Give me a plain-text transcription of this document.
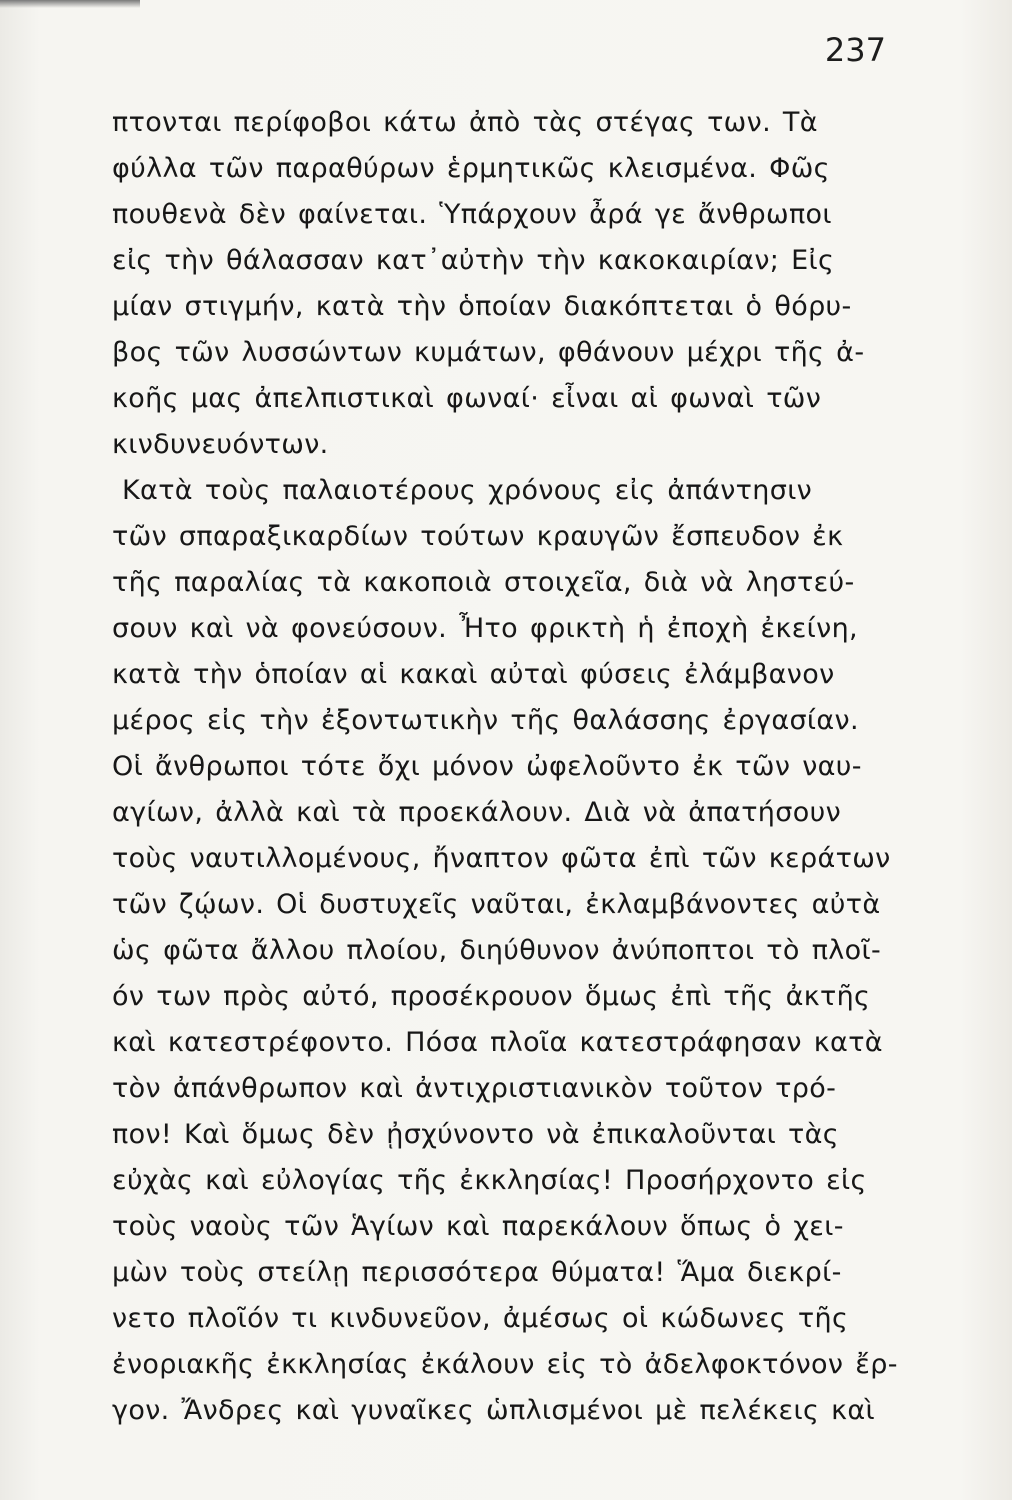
237
πτονται περίφοβοι κάτω ἀπὸ τὰς στέγας των. Τὰ
φύλλα τῶν παραθύρων ἑρμητικῶς κλεισμένα. Φῶς
πουθενὰ δὲν φαίνεται. Ὑπάρχουν ἆρά γε ἄνθρωποι
εἰς τὴν θάλασσαν κατ᾽αὐτὴν τὴν κακοκαιρίαν; Εἰς
μίαν στιγμήν, κατὰ τὴν ὁποίαν διακόπτεται ὁ θόρυ-
βος τῶν λυσσώντων κυμάτων, φθάνουν μέχρι τῆς ἀ-
κοῆς μας ἀπελπιστικαὶ φωναί· εἶναι αἱ φωναὶ τῶν
κινδυνευόντων.
Κατὰ τοὺς παλαιοτέρους χρόνους εἰς ἀπάντησιν
τῶν σπαραξικαρδίων τούτων κραυγῶν ἔσπευδον ἐκ
τῆς παραλίας τὰ κακοποιὰ στοιχεῖα, διὰ νὰ ληστεύ-
σουν καὶ νὰ φονεύσουν. Ἦτο φρικτὴ ἡ ἐποχὴ ἐκείνη,
κατὰ τὴν ὁποίαν αἱ κακαὶ αὐταὶ φύσεις ἐλάμβανον
μέρος εἰς τὴν ἐξοντωτικὴν τῆς θαλάσσης ἐργασίαν.
Οἱ ἄνθρωποι τότε ὄχι μόνον ὠφελοῦντο ἐκ τῶν ναυ-
αγίων, ἀλλὰ καὶ τὰ προεκάλουν. Διὰ νὰ ἀπατήσουν
τοὺς ναυτιλλομένους, ἤναπτον φῶτα ἐπὶ τῶν κεράτων
τῶν ζῴων. Οἱ δυστυχεῖς ναῦται, ἐκλαμβάνοντες αὐτὰ
ὡς φῶτα ἄλλου πλοίου, διηύθυνον ἀνύποπτοι τὸ πλοῖ-
όν των πρὸς αὐτό, προσέκρουον ὅμως ἐπὶ τῆς ἀκτῆς
καὶ κατεστρέφοντο. Πόσα πλοῖα κατεστράφησαν κατὰ
τὸν ἀπάνθρωπον καὶ ἀντιχριστιανικὸν τοῦτον τρό-
πον! Καὶ ὅμως δὲν ᾐσχύνοντο νὰ ἐπικαλοῦνται τὰς
εὐχὰς καὶ εὐλογίας τῆς ἐκκλησίας! Προσήρχοντο εἰς
τοὺς ναοὺς τῶν Ἁγίων καὶ παρεκάλουν ὅπως ὁ χει-
μὼν τοὺς στείλῃ περισσότερα θύματα! Ἅμα διεκρί-
νετο πλοῖόν τι κινδυνεῦον, ἀμέσως οἱ κώδωνες τῆς
ἐνοριακῆς ἐκκλησίας ἐκάλουν εἰς τὸ ἀδελφοκτόνον ἔρ-
γον. Ἄνδρες καὶ γυναῖκες ὡπλισμένοι μὲ πελέκεις καὶ
